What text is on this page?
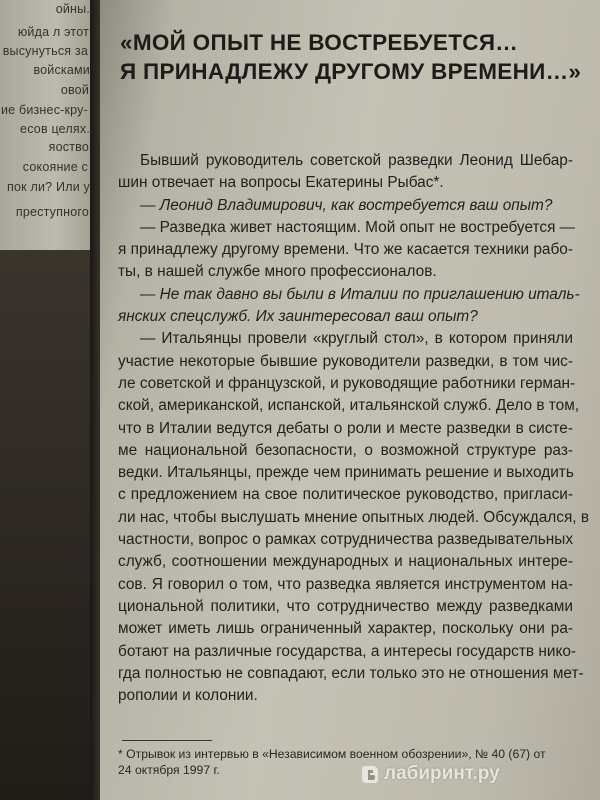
ойны.
юйда л этот
высунуться за
войсками
овой
ие бизнес-кру-
есов целях.
яоство
сокояние с
пок ли? Или у
преступного
«МОЙ ОПЫТ НЕ ВОСТРЕБУЕТСЯ…
Я ПРИНАДЛЕЖУ ДРУГОМУ ВРЕМЕНИ…»
Бывший руководитель советской разведки Леонид Шебар-
шин отвечает на вопросы Екатерины Рыбас*.
— Леонид Владимирович, как востребуется ваш опыт?
— Разведка живет настоящим. Мой опыт не востребуется —
я принадлежу другому времени. Что же касается техники рабо-
ты, в нашей службе много профессионалов.
— Не так давно вы были в Италии по приглашению италь-
янских спецслужб. Их заинтересовал ваш опыт?
— Итальянцы провели «круглый стол», в котором приняли
участие некоторые бывшие руководители разведки, в том чис-
ле советской и французской, и руководящие работники герман-
ской, американской, испанской, итальянской служб. Дело в том,
что в Италии ведутся дебаты о роли и месте разведки в систе-
ме национальной безопасности, о возможной структуре раз-
ведки. Итальянцы, прежде чем принимать решение и выходить
с предложением на свое политическое руководство, пригласи-
ли нас, чтобы выслушать мнение опытных людей. Обсуждался, в
частности, вопрос о рамках сотрудничества разведывательных
служб, соотношении международных и национальных интере-
сов. Я говорил о том, что разведка является инструментом на-
циональной политики, что сотрудничество между разведками
может иметь лишь ограниченный характер, поскольку они ра-
ботают на различные государства, а интересы государств нико-
гда полностью не совпадают, если только это не отношения мет-
рополии и колонии.
* Отрывок из интервью в «Независимом военном обозрении», № 40 (67) от
24 октября 1997 г.	лабиринт.ру
